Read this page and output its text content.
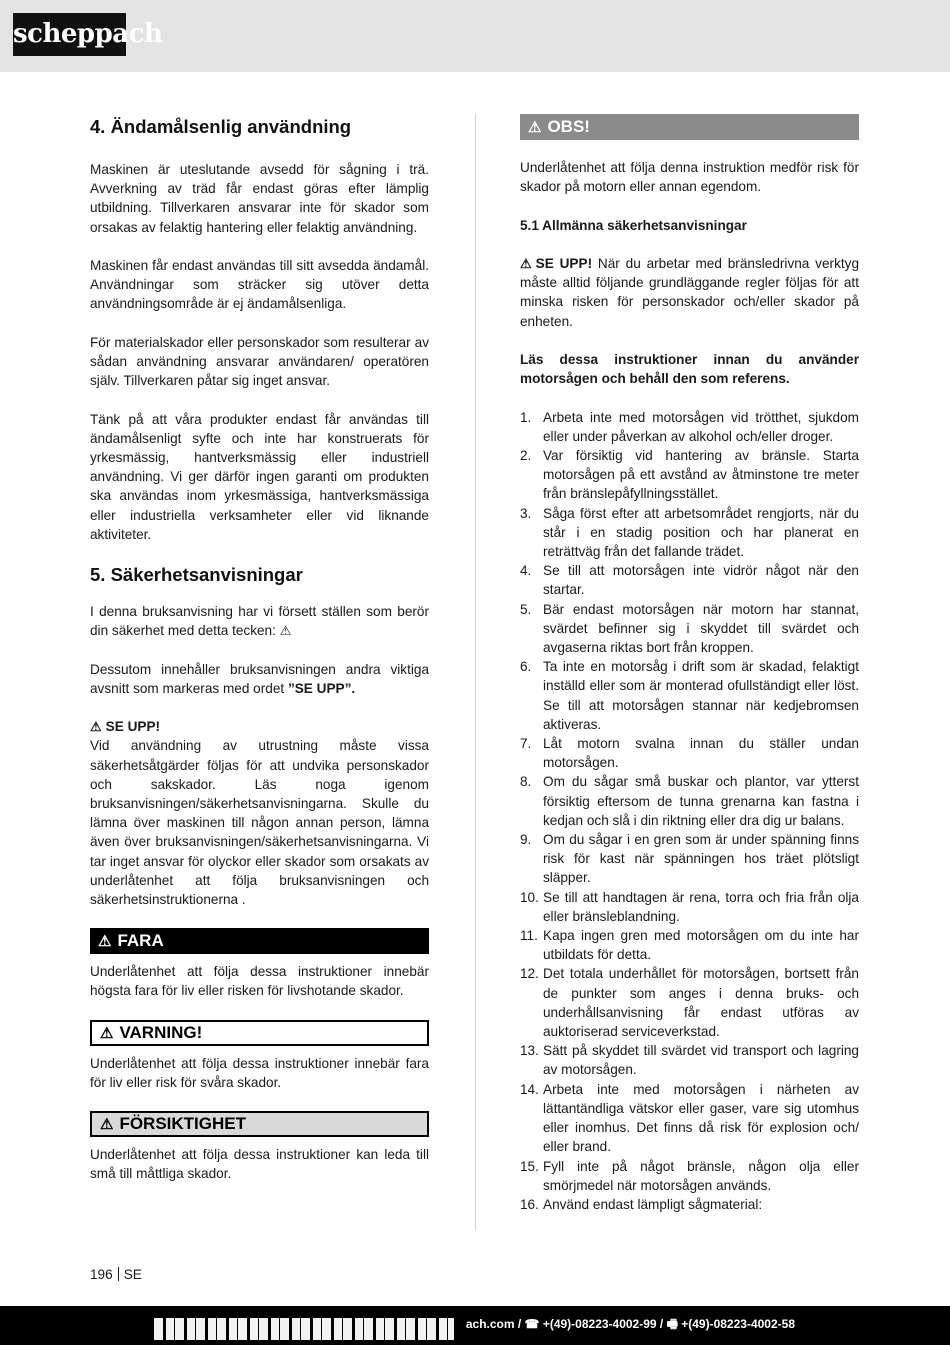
scheppach
4. Ändamålsenlig användning

Maskinen är uteslutande avsedd för sågning i trä. Avverkning av träd får endast göras efter lämplig utbildning. Tillverkaren ansvarar inte för skador som orsakas av felaktig hantering eller felaktig användning.

Maskinen får endast användas till sitt avsedda ändamål. Användningar som sträcker sig utöver detta användningsområde är ej ändamålsenliga.

För materialskador eller personskador som resulterar av sådan användning ansvarar användaren/ operatören själv. Tillverkaren påtar sig inget ansvar.

Tänk på att våra produkter endast får användas till ändamålsenligt syfte och inte har konstruerats för yrkesmässig, hantverksmässig eller industriell användning. Vi ger därför ingen garanti om produkten ska användas inom yrkesmässiga, hantverksmässiga eller industriella verksamheter eller vid liknande aktiviteter.

5. Säkerhetsanvisningar

I denna bruksanvisning har vi försett ställen som berör din säkerhet med detta tecken: ⚠

Dessutom innehåller bruksanvisningen andra viktiga avsnitt som markeras med ordet ”SE UPP”.

⚠ SE UPP!

Vid användning av utrustning måste vissa säkerhetsåtgärder följas för att undvika personskador och sakskador. Läs noga igenom bruksanvisningen/säkerhetsanvisningarna. Skulle du lämna över maskinen till någon annan person, lämna även över bruksanvisningen/säkerhetsanvisningarna. Vi tar inget ansvar för olyckor eller skador som orsakats av underlåtenhet att följa bruksanvisningen och säkerhetsinstruktionerna .

⚠ FARA

Underlåtenhet att följa dessa instruktioner innebär högsta fara för liv eller risken för livshotande skador.

⚠ VARNING!

Underlåtenhet att följa dessa instruktioner innebär fara för liv eller risk för svåra skador.

⚠ FÖRSIKTIGHET

Underlåtenhet att följa dessa instruktioner kan leda till små till måttliga skador.

⚠ OBS!

Underlåtenhet att följa denna instruktion medför risk för skador på motorn eller annan egendom.

5.1 Allmänna säkerhetsanvisningar

⚠ SE UPP! När du arbetar med bränsledrivna verktyg måste alltid följande grundläggande regler följas för att minska risken för personskador och/eller skador på enheten.

Läs dessa instruktioner innan du använder motorsågen och behåll den som referens.

1. Arbeta inte med motorsågen vid trötthet, sjukdom eller under påverkan av alkohol och/eller droger.
2. Var försiktig vid hantering av bränsle. Starta motorsågen på ett avstånd av åtminstone tre meter från bränslepåfyllningsstället.
3. Såga först efter att arbetsområdet rengjorts, när du står i en stadig position och har planerat en reträttväg från det fallande trädet.
4. Se till att motorsågen inte vidrör något när den startar.
5. Bär endast motorsågen när motorn har stannat, svärdet befinner sig i skyddet till svärdet och avgaserna riktas bort från kroppen.
6. Ta inte en motorsåg i drift som är skadad, felaktigt inställd eller som är monterad ofullständigt eller löst. Se till att motorsågen stannar när kedjebromsen aktiveras.
7. Låt motorn svalna innan du ställer undan motorsågen.
8. Om du sågar små buskar och plantor, var ytterst försiktig eftersom de tunna grenarna kan fastna i kedjan och slå i din riktning eller dra dig ur balans.
9. Om du sågar i en gren som är under spänning finns risk för kast när spänningen hos träet plötsligt släpper.
10. Se till att handtagen är rena, torra och fria från olja eller bränsleblandning.
11. Kapa ingen gren med motorsågen om du inte har utbildats för detta.
12. Det totala underhållet för motorsågen, bortsett från de punkter som anges i denna bruks- och underhållsanvisning får endast utföras av auktoriserad serviceverkstad.
13. Sätt på skyddet till svärdet vid transport och lagring av motorsågen.
14. Arbeta inte med motorsågen i närheten av lättantändliga vätskor eller gaser, vare sig utomhus eller inomhus. Det finns då risk för explosion och/ eller brand.
15. Fyll inte på något bränsle, någon olja eller smörjmedel när motorsågen används.
16. Använd endast lämpligt sågmaterial:
196 SE
ach.com / ☎ +(49)-08223-4002-99 / 🖷 +(49)-08223-4002-58
